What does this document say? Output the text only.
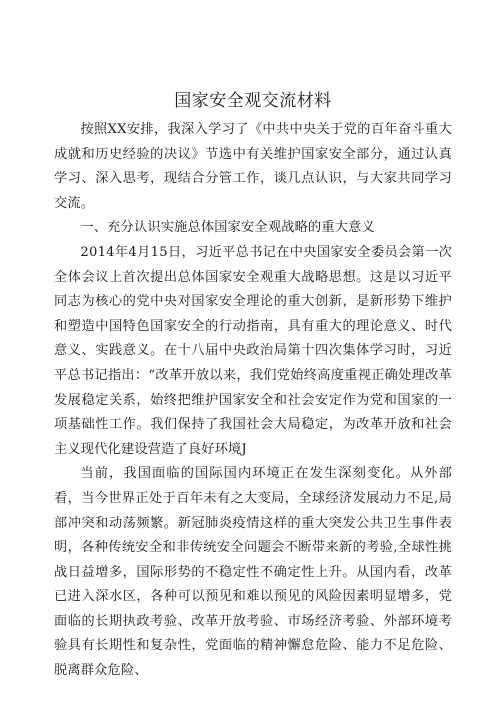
国家安全观交流材料

按照XX安排，我深入学习了《中共中央关于党的百年奋斗重大成就和历史经验的决议》节选中有关维护国家安全部分，通过认真学习、深入思考，现结合分管工作，谈几点认识，与大家共同学习交流。

一、充分认识实施总体国家安全观战略的重大意义

2014年4月15日，习近平总书记在中央国家安全委员会第一次全体会议上首次提出总体国家安全观重大战略思想。这是以习近平同志为核心的党中央对国家安全理论的重大创新，是新形势下维护和塑造中国特色国家安全的行动指南，具有重大的理论意义、时代意义、实践意义。在十八届中央政治局第十四次集体学习时，习近平总书记指出：“改革开放以来，我们党始终高度重视正确处理改革发展稳定关系，始终把维护国家安全和社会安定作为党和国家的一项基础性工作。我们保持了我国社会大局稳定，为改革开放和社会主义现代化建设营造了良好环境J

当前，我国面临的国际国内环境正在发生深刻变化。从外部看，当今世界正处于百年未有之大变局，全球经济发展动力不足,局部冲突和动荡频繁。新冠肺炎疫情这样的重大突发公共卫生事件表明，各种传统安全和非传统安全问题会不断带来新的考验,全球性挑战日益增多，国际形势的不稳定性不确定性上升。从国内看，改革已进入深水区，各种可以预见和难以预见的风险因素明显增多，党面临的长期执政考验、改革开放考验、市场经济考验、外部环境考验具有长期性和复杂性，党面临的精神懈怠危险、能力不足危险、脱离群众危险、
